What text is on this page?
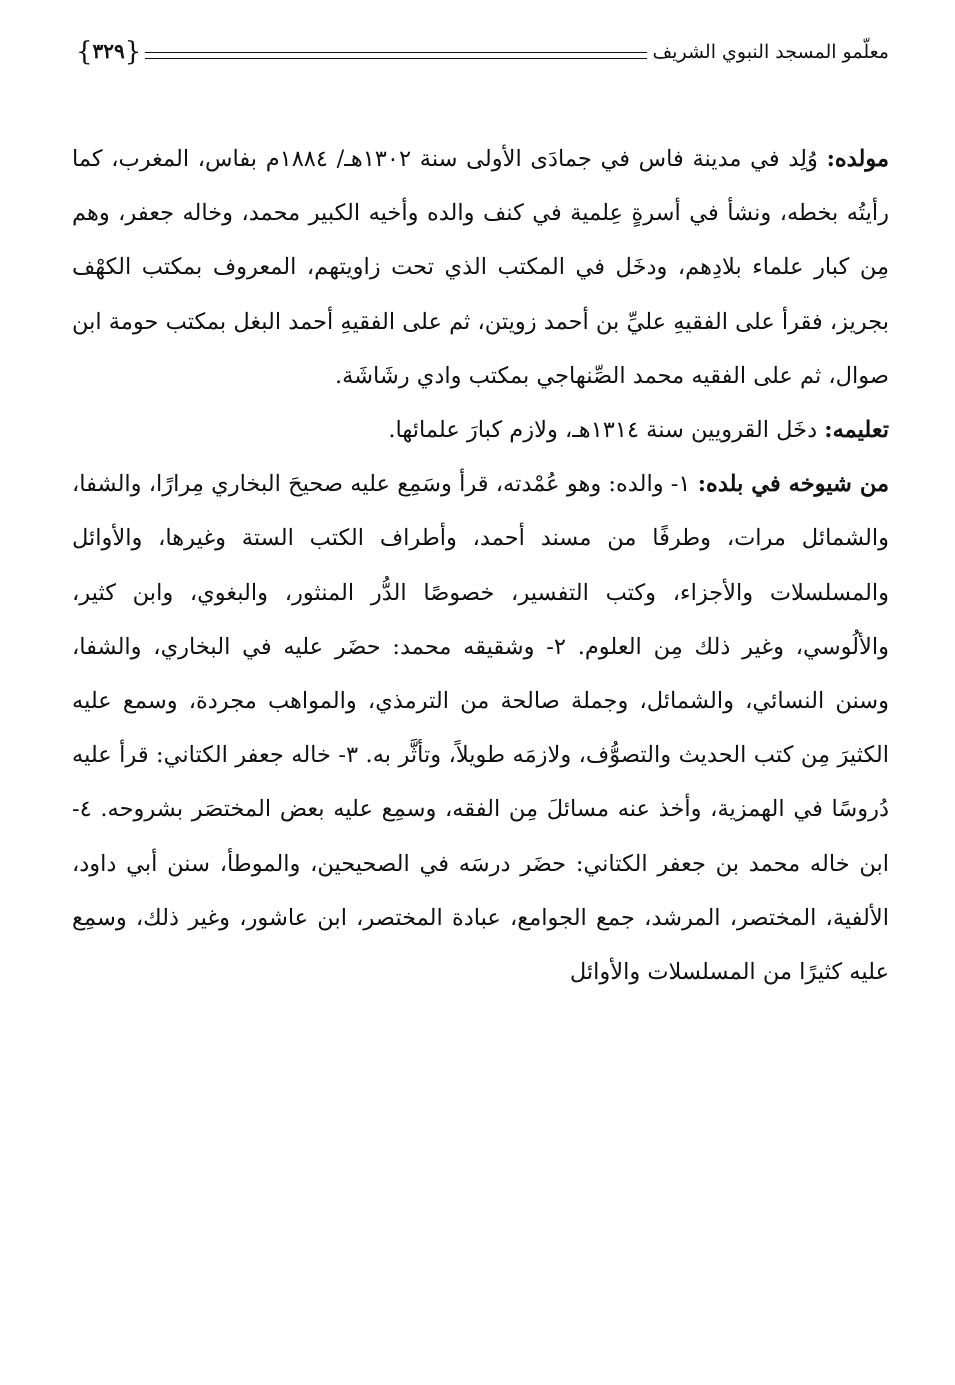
معلّمو المسجد النبوي الشريف
{٣٢٩}

مولده: وُلِد في مدينة فاس في جمادَى الأولى سنة ١٣٠٢هـ/ ١٨٨٤م بفاس، المغرب، كما رأيتُه بخطه، ونشأ في أسرةٍ عِلمية في كنف والده وأخيه الكبير محمد، وخاله جعفر، وهم مِن كبار علماء بلادِهم، ودخَل في المكتب الذي تحت زاويتهم، المعروف بمكتب الكهْف بجريز، فقرأ على الفقيهِ عليِّ بن أحمد زويتن، ثم على الفقيهِ أحمد البغل بمكتب حومة ابن صوال، ثم على الفقيه محمد الصِّنهاجي بمكتب وادي رشَاشَة.

تعليمه: دخَل القرويين سنة ١٣١٤هـ، ولازم كبارَ علمائها.

من شيوخه في بلده: ١- والده: وهو عُمْدته، قرأ وسَمِع عليه صحيحَ البخاري مِرارًا، والشفا، والشمائل مرات، وطرفًا من مسند أحمد، وأطراف الكتب الستة وغيرها، والأوائل والمسلسلات والأجزاء، وكتب التفسير، خصوصًا الدُّر المنثور، والبغوي، وابن كثير، والألُوسي، وغير ذلك مِن العلوم. ٢- وشقيقه محمد: حضَر عليه في البخاري، والشفا، وسنن النسائي، والشمائل، وجملة صالحة من الترمذي، والمواهب مجردة، وسمع عليه الكثيرَ مِن كتب الحديث والتصوُّف، ولازمَه طويلاً، وتأثَّر به. ٣- خاله جعفر الكتاني: قرأ عليه دُروسًا في الهمزية، وأخذ عنه مسائلَ مِن الفقه، وسمِع عليه بعض المختصَر بشروحه. ٤- ابن خاله محمد بن جعفر الكتاني: حضَر درسَه في الصحيحين، والموطأ، سنن أبي داود، الألفية، المختصر، المرشد، جمع الجوامع، عبادة المختصر، ابن عاشور، وغير ذلك، وسمِع عليه كثيرًا من المسلسلات والأوائل
